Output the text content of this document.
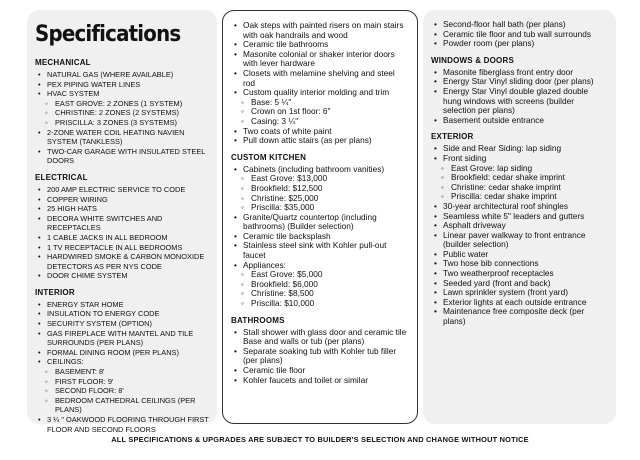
Specifications
MECHANICAL
• NATURAL GAS (WHERE AVAILABLE)
• PEX PIPING WATER LINES
• HVAC SYSTEM
◦ EAST GROVE: 2 ZONES (1 SYSTEM)
◦ CHRISTINE: 2 ZONES (2 SYSTEMS)
◦ PRISCILLA: 3 ZONES (3 SYSTEMS)
• 2-ZONE WATER COIL HEATING NAVIEN SYSTEM (TANKLESS)
• TWO-CAR GARAGE WITH INSULATED STEEL DOORS
ELECTRICAL
• 200 AMP ELECTRIC SERVICE TO CODE
• COPPER WIRING
• 25 HIGH HATS
• DECORA WHITE SWITCHES AND RECEPTACLES
• 1 CABLE JACKS IN ALL BEDROOM
• 1 TV RECEPTACLE IN ALL BEDROOMS
• HARDWIRED SMOKE & CARBON MONOXIDE DETECTORS AS PER NYS CODE
• DOOR CHIME SYSTEM
INTERIOR
• ENERGY STAR HOME
• INSULATION TO ENERGY CODE
• SECURITY SYSTEM (OPTION)
• GAS FIREPLACE WITH MANTEL AND TILE SURROUNDS (PER PLANS)
• FORMAL DINING ROOM (PER PLANS)
• CEILINGS:
◦ BASEMENT: 8'
◦ FIRST FLOOR: 9'
◦ SECOND FLOOR: 8'
◦ BEDROOM CATHEDRAL CEILINGS (PER PLANS)
• 3 ¼ " OAKWOOD FLOORING THROUGH FIRST FLOOR AND SECOND FLOORS
• Oak steps with painted risers on main stairs with oak handrails and wood
• Ceramic tile bathrooms
• Masonite colonial or shaker interior doors with lever hardware
• Closets with melamine shelving and steel rod
• Custom quality interior molding and trim
◦ Base: 5 ¼"
◦ Crown on 1st floor: 6"
◦ Casing: 3 ¼"
• Two coats of white paint
• Pull down attic stairs (as per plans)
CUSTOM KITCHEN
• Cabinets (including bathroom vanities)
◦ East Grove: $13,000
◦ Brookfield: $12,500
◦ Christine: $25,000
◦ Priscilla: $35,000
• Granite/Quartz countertop (including bathrooms) (Builder selection)
• Ceramic tile backsplash
• Stainless steel sink with Kohler pull-out faucet
• Appliances:
◦ East Grove: $5,000
◦ Brookfield: $6,000
◦ Christine: $8,500
◦ Priscilla: $10,000
BATHROOMS
• Stall shower with glass door and ceramic tile Base and walls or tub (per plans)
• Separate soaking tub with Kohler tub filler (per plans)
• Ceramic tile floor
• Kohler faucets and toilet or similar
• Second-floor hall bath (per plans)
• Ceramic tile floor and tub wall surrounds
• Powder room (per plans)
WINDOWS & DOORS
• Masonite fiberglass front entry door
• Energy Star Vinyl sliding door (per plans)
• Energy Star Vinyl double glazed double hung windows with screens (builder selection per plans)
• Basement outside entrance
EXTERIOR
• Side and Rear Siding: lap siding
• Front siding
◦ East Grove: lap siding
◦ Brookfield: cedar shake imprint
◦ Christine: cedar shake imprint
◦ Priscilla: cedar shake imprint
• 30-year architectural roof shingles
• Seamless white 5" leaders and gutters
• Asphalt driveway
• Linear paver walkway to front entrance (builder selection)
• Public water
• Two hose bib connections
• Two weatherproof receptacles
• Seeded yard (front and back)
• Lawn sprinkler system (front yard)
• Exterior lights at each outside entrance
• Maintenance free composite deck (per plans)
ALL SPECIFICATIONS & UPGRADES ARE SUBJECT TO BUILDER'S SELECTION AND CHANGE WITHOUT NOTICE
